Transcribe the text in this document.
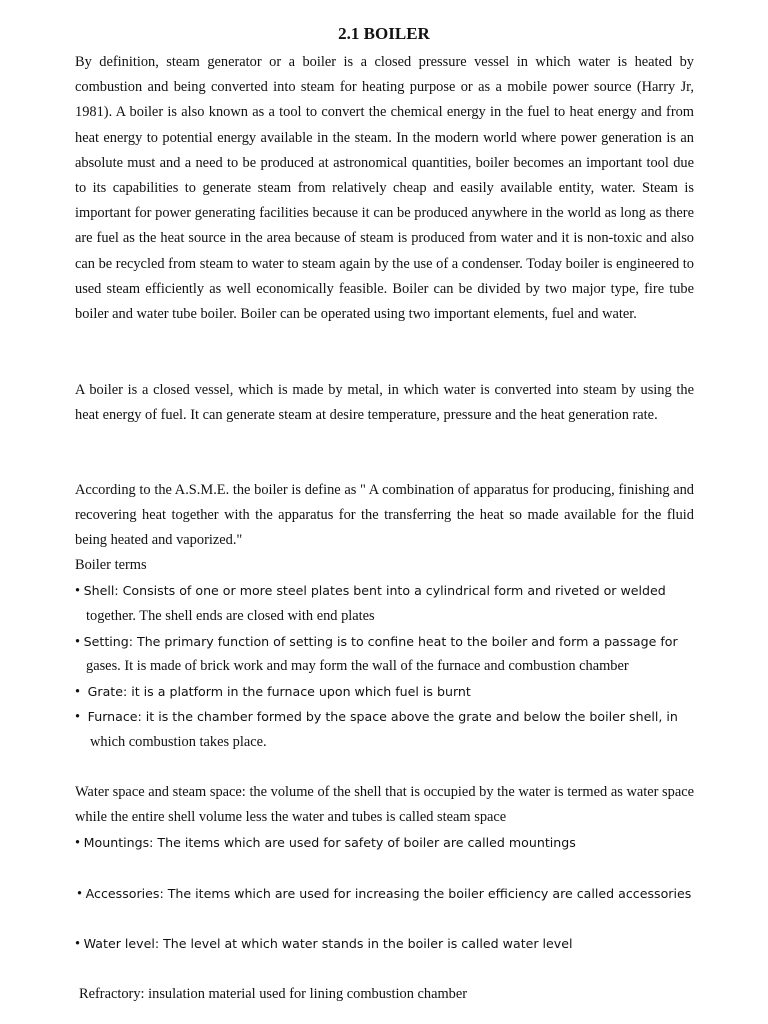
2.1 BOILER

By definition, steam generator or a boiler is a closed pressure vessel in which water is heated by combustion and being converted into steam for heating purpose or as a mobile power source (Harry Jr, 1981). A boiler is also known as a tool to convert the chemical energy in the fuel to heat energy and from heat energy to potential energy available in the steam. In the modern world where power generation is an absolute must and a need to be produced at astronomical quantities, boiler becomes an important tool due to its capabilities to generate steam from relatively cheap and easily available entity, water. Steam is important for power generating facilities because it can be produced anywhere in the world as long as there are fuel as the heat source in the area because of steam is produced from water and it is non-toxic and also can be recycled from steam to water to steam again by the use of a condenser. Today boiler is engineered to used steam efficiently as well economically feasible. Boiler can be divided by two major type, fire tube boiler and water tube boiler. Boiler can be operated using two important elements, fuel and water.

A boiler is a closed vessel, which is made by metal, in which water is converted into steam by using the heat energy of fuel. It can generate steam at desire temperature, pressure and the heat generation rate.

According to the A.S.M.E. the boiler is define as " A combination of apparatus for producing, finishing and recovering heat together with the apparatus for the transferring the heat so made available for the fluid being heated and vaporized."

Boiler terms

• Shell: Consists of one or more steel plates bent into a cylindrical form and riveted or welded

together. The shell ends are closed with end plates

• Setting: The primary function of setting is to confine heat to the boiler and form a passage for

gases. It is made of brick work and may form the wall of the furnace and combustion chamber

• Grate: it is a platform in the furnace upon which fuel is burnt

• Furnace: it is the chamber formed by the space above the grate and below the boiler shell, in

which combustion takes place.

Water space and steam space: the volume of the shell that is occupied by the water is termed as water space while the entire shell volume less the water and tubes is called steam space

• Mountings: The items which are used for safety of boiler are called mountings

• Accessories: The items which are used for increasing the boiler efficiency are called accessories

• Water level: The level at which water stands in the boiler is called water level

Refractory: insulation material used for lining combustion chamber
